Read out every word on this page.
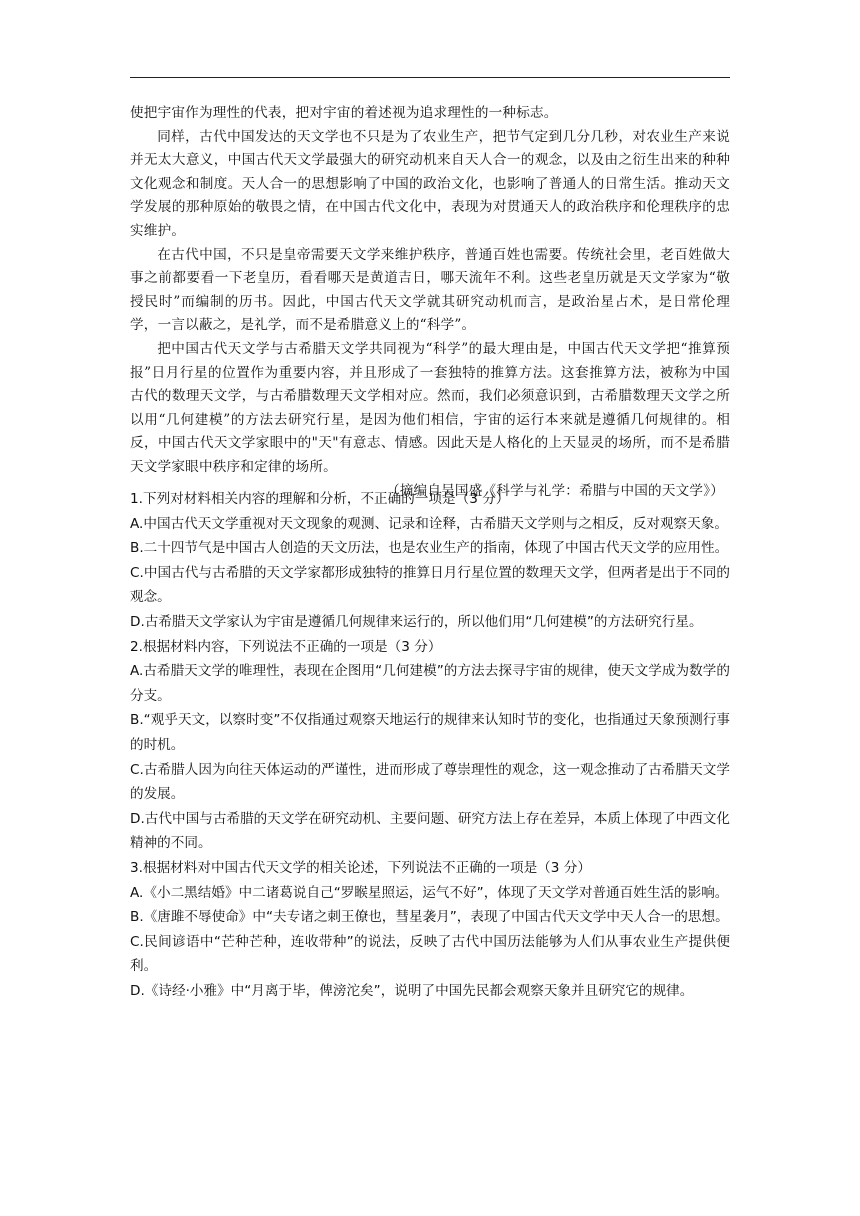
使把宇宙作为理性的代表，把对宇宙的着述视为追求理性的一种标志。

同样，古代中国发达的天文学也不只是为了农业生产，把节气定到几分几秒，对农业生产来说并无太大意义，中国古代天文学最强大的研究动机来自天人合一的观念，以及由之衍生出来的种种文化观念和制度。天人合一的思想影响了中国的政治文化，也影响了普通人的日常生活。推动天文学发展的那种原始的敬畏之情，在中国古代文化中，表现为对贯通天人的政治秩序和伦理秩序的忠实维护。

在古代中国，不只是皇帝需要天文学来维护秩序，普通百姓也需要。传统社会里，老百姓做大事之前都要看一下老皇历，看看哪天是黄道吉日，哪天流年不利。这些老皇历就是天文学家为“敬授民时”而编制的历书。因此，中国古代天文学就其研究动机而言，是政治星占术，是日常伦理学，一言以蔽之，是礼学，而不是希腊意义上的“科学”。

把中国古代天文学与古希腊天文学共同视为“科学”的最大理由是，中国古代天文学把“推算预报”日月行星的位置作为重要内容，并且形成了一套独特的推算方法。这套推算方法，被称为中国古代的数理天文学，与古希腊数理天文学相对应。然而，我们必须意识到，古希腊数理天文学之所以用“几何建模”的方法去研究行星，是因为他们相信，宇宙的运行本来就是遵循几何规律的。相反，中国古代天文学家眼中的"天"有意志、情感。因此天是人格化的上天显灵的场所，而不是希腊天文学家眼中秩序和定律的场所。

（摘编自吴国盛《科学与礼学：希腊与中国的天文学》）

1.下列对材料相关内容的理解和分析，不正确的一项是（3 分）

A.中国古代天文学重视对天文现象的观测、记录和诠释，古希腊天文学则与之相反，反对观察天象。

B.二十四节气是中国古人创造的天文历法，也是农业生产的指南，体现了中国古代天文学的应用性。

C.中国古代与古希腊的天文学家都形成独特的推算日月行星位置的数理天文学，但两者是出于不同的观念。

D.古希腊天文学家认为宇宙是遵循几何规律来运行的，所以他们用“几何建模”的方法研究行星。

2.根据材料内容，下列说法不正确的一项是（3 分）

A.古希腊天文学的唯理性，表现在企图用“几何建模”的方法去探寻宇宙的规律，使天文学成为数学的分支。

B.“观乎天文，以察时变”不仅指通过观察天地运行的规律来认知时节的变化，也指通过天象预测行事的时机。

C.古希腊人因为向往天体运动的严谨性，进而形成了尊崇理性的观念，这一观念推动了古希腊天文学的发展。

D.古代中国与古希腊的天文学在研究动机、主要问题、研究方法上存在差异，本质上体现了中西文化精神的不同。

3.根据材料对中国古代天文学的相关论述，下列说法不正确的一项是（3 分）

A.《小二黑结婚》中二诸葛说自己“罗睺星照运，运气不好”，体现了天文学对普通百姓生活的影响。

B.《唐雎不辱使命》中“夫专诸之刺王僚也，彗星袭月”，表现了中国古代天文学中天人合一的思想。

C.民间谚语中“芒种芒种，连收带种”的说法，反映了古代中国历法能够为人们从事农业生产提供便利。

D.《诗经·小雅》中“月离于毕，俾滂沱矣”，说明了中国先民都会观察天象并且研究它的规律。
